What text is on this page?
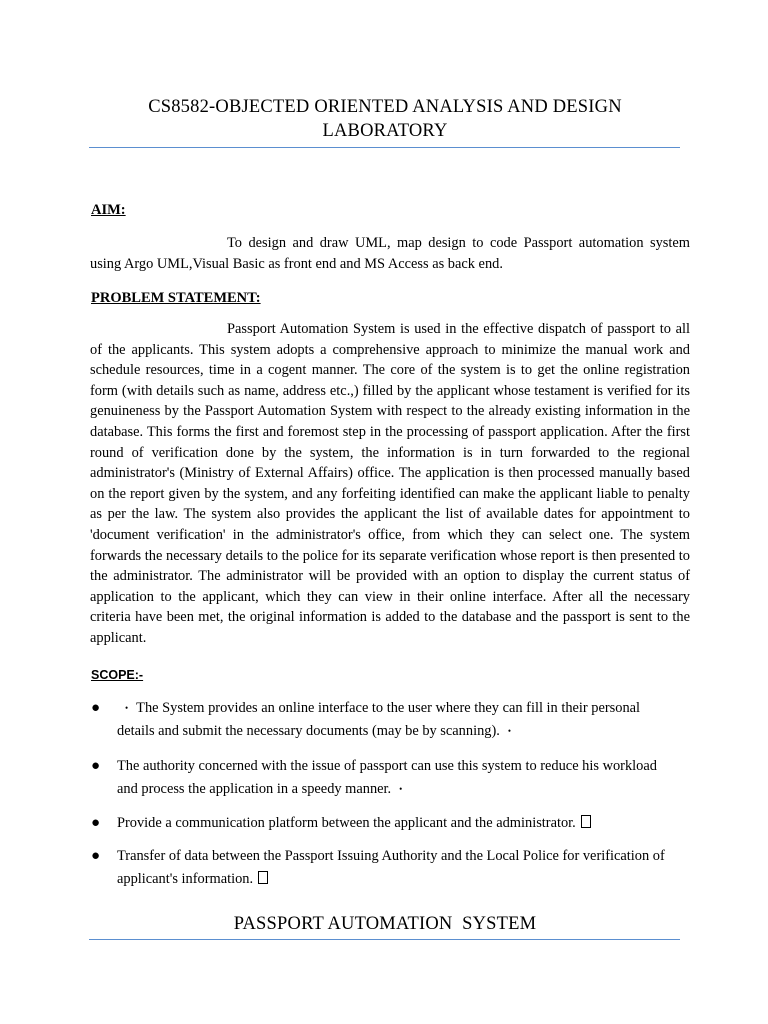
CS8582-OBJECTED ORIENTED ANALYSIS AND DESIGN
LABORATORY
AIM:
To design and draw UML, map design to code Passport automation system using Argo UML,Visual Basic as front end and MS Access as back end.
PROBLEM STATEMENT:
Passport Automation System is used in the effective dispatch of passport to all of the applicants. This system adopts a comprehensive approach to minimize the manual work and schedule resources, time in a cogent manner. The core of the system is to get the online registration form (with details such as name, address etc.,) filled by the applicant whose testament is verified for its genuineness by the Passport Automation System with respect to the already existing information in the database. This forms the first and foremost step in the processing of passport application. After the first round of verification done by the system, the information is in turn forwarded to the regional administrator's (Ministry of External Affairs) office. The application is then processed manually based on the report given by the system, and any forfeiting identified can make the applicant liable to penalty as per the law. The system also provides the applicant the list of available dates for appointment to 'document verification' in the administrator's office, from which they can select one. The system forwards the necessary details to the police for its separate verification whose report is then presented to the administrator. The administrator will be provided with an option to display the current status of application to the applicant, which they can view in their online interface. After all the necessary criteria have been met, the original information is added to the database and the passport is sent to the applicant.
SCOPE:-
●	• The System provides an online interface to the user where they can fill in their personal details and submit the necessary documents (may be by scanning). •
●	The authority concerned with the issue of passport can use this system to reduce his workload and process the application in a speedy manner. •
●	Provide a communication platform between the applicant and the administrator.
●	Transfer of data between the Passport Issuing Authority and the Local Police for verification of applicant's information.
PASSPORT AUTOMATION  SYSTEM
